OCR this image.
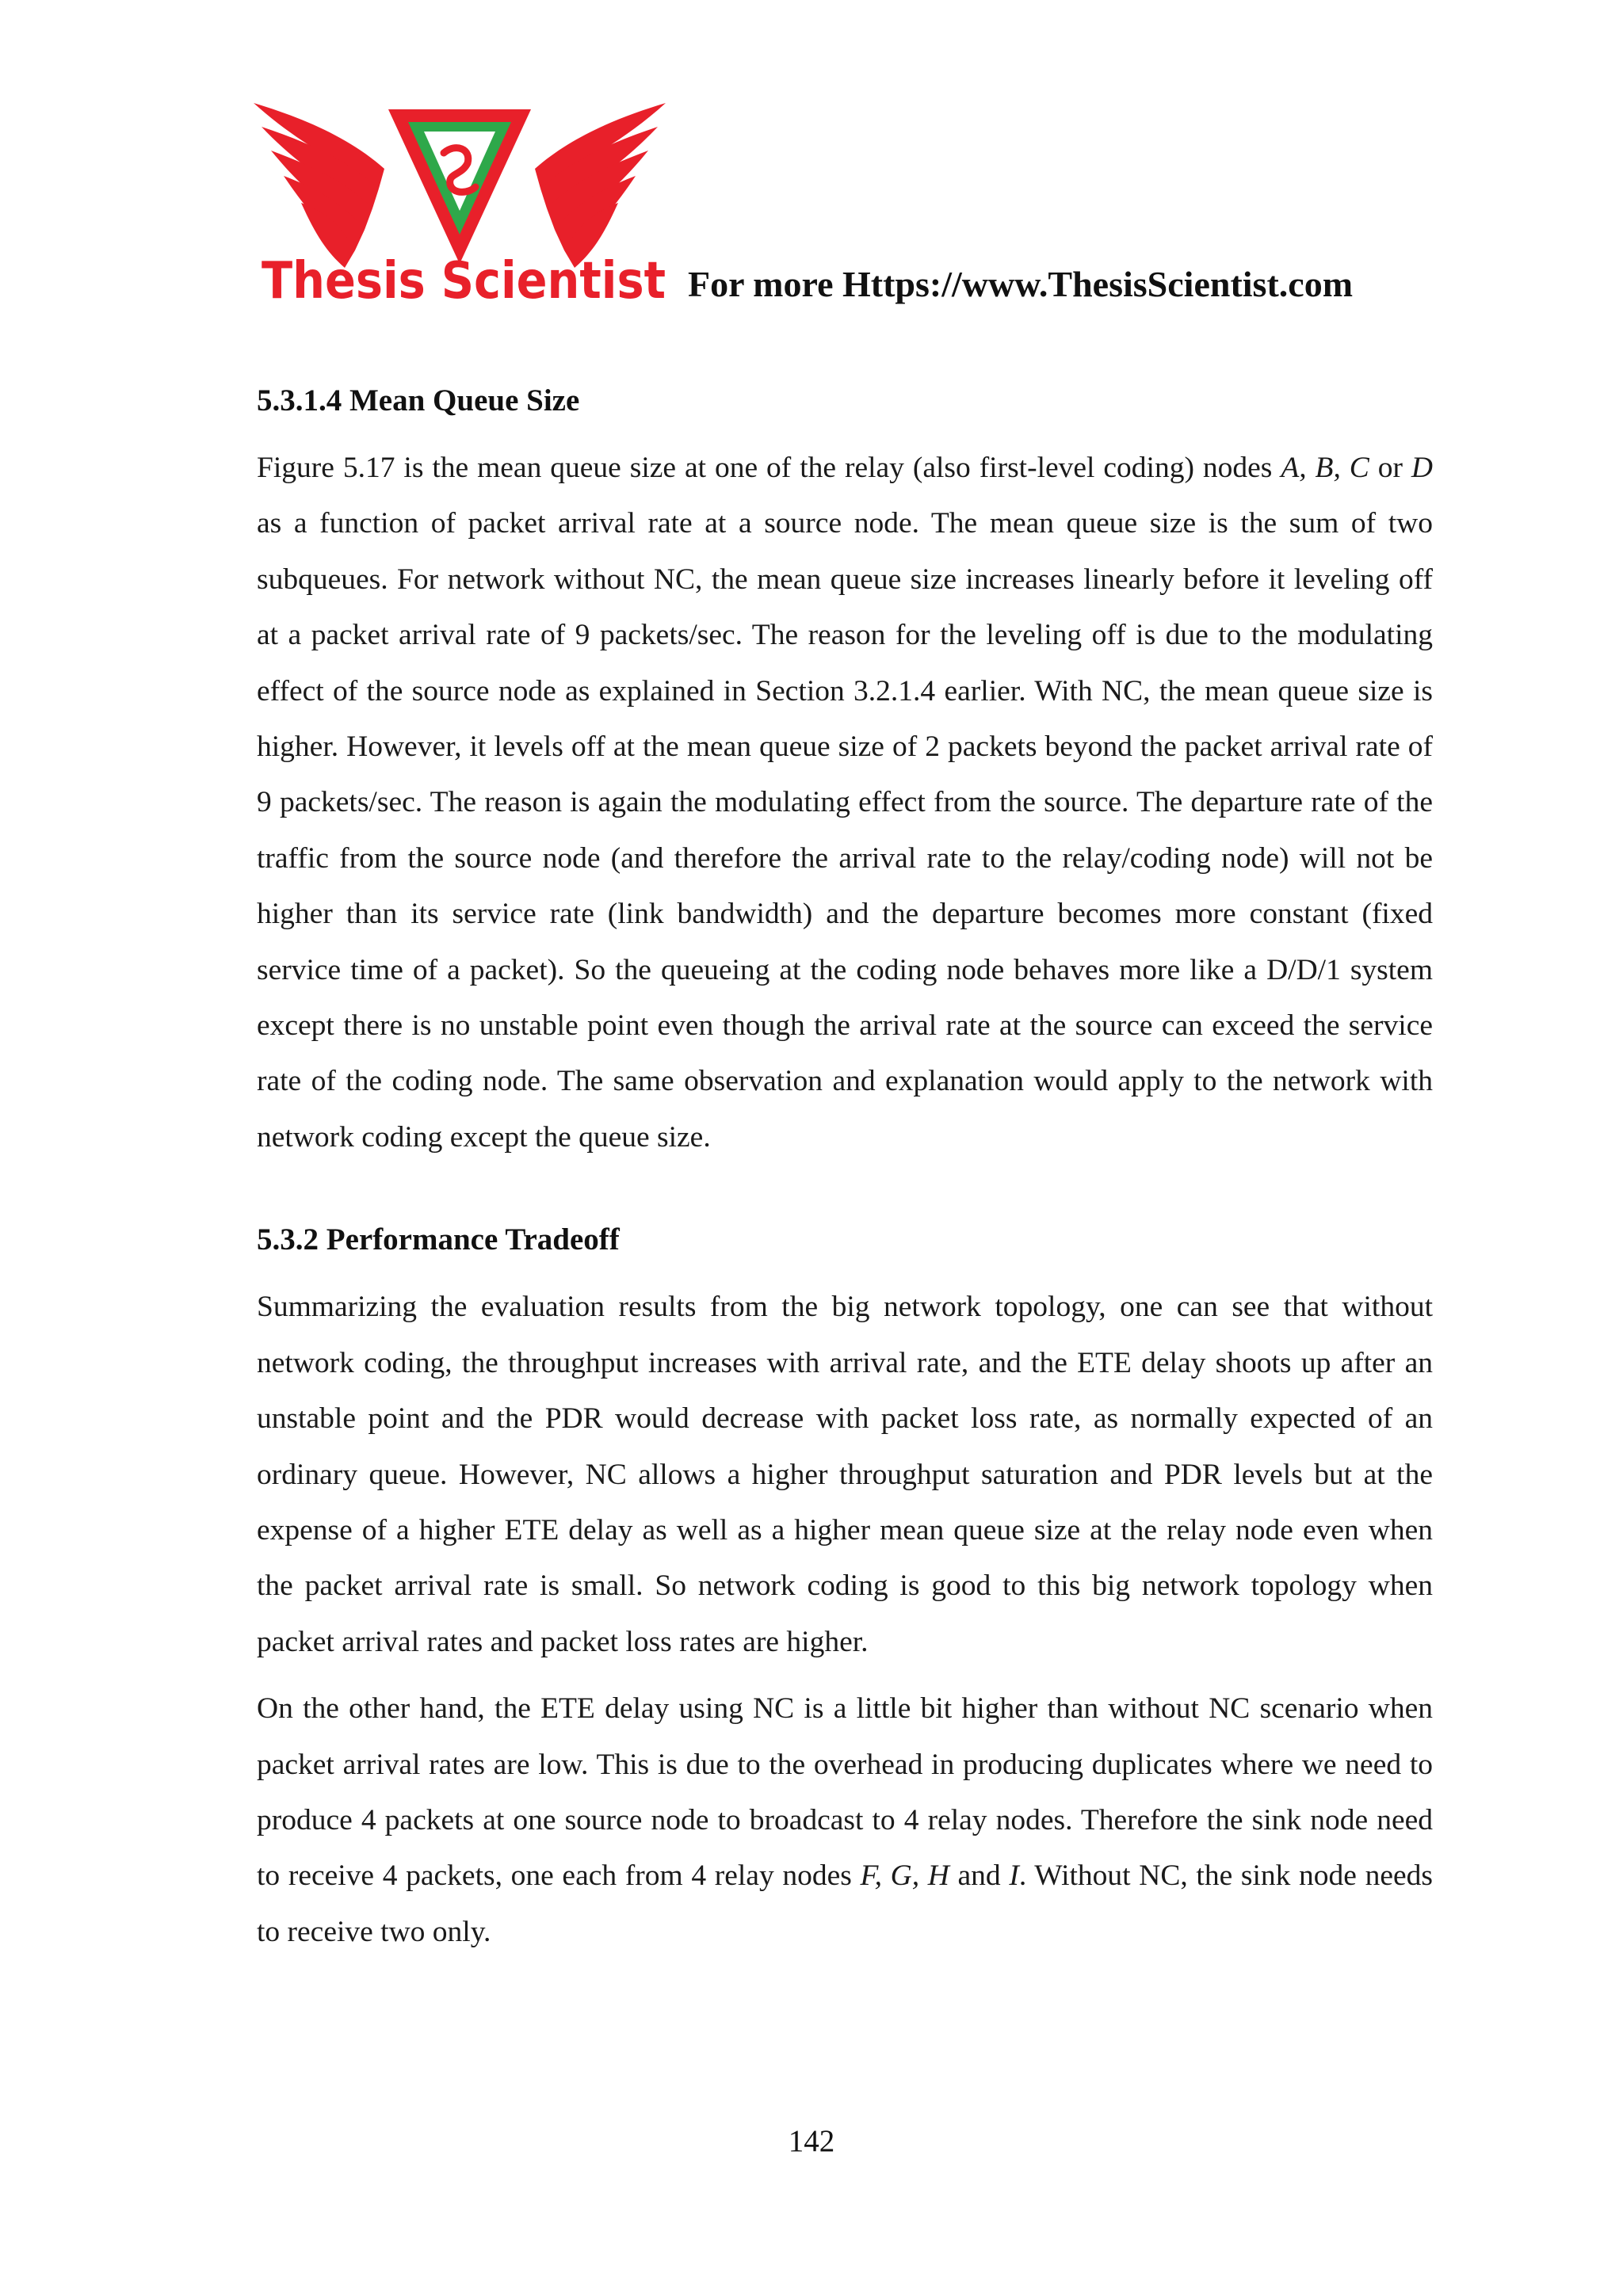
Thesis Scientist For more Https://www.ThesisScientist.com
5.3.1.4 Mean Queue Size

Figure 5.17 is the mean queue size at one of the relay (also first-level coding) nodes A, B, C or D as a function of packet arrival rate at a source node. The mean queue size is the sum of two subqueues. For network without NC, the mean queue size increases linearly before it leveling off at a packet arrival rate of 9 packets/sec. The reason for the leveling off is due to the modulating effect of the source node as explained in Section 3.2.1.4 earlier. With NC, the mean queue size is higher. However, it levels off at the mean queue size of 2 packets beyond the packet arrival rate of 9 packets/sec. The reason is again the modulating effect from the source. The departure rate of the traffic from the source node (and therefore the arrival rate to the relay/coding node) will not be higher than its service rate (link bandwidth) and the departure becomes more constant (fixed service time of a packet). So the queueing at the coding node behaves more like a D/D/1 system except there is no unstable point even though the arrival rate at the source can exceed the service rate of the coding node. The same observation and explanation would apply to the network with network coding except the queue size.

5.3.2 Performance Tradeoff

Summarizing the evaluation results from the big network topology, one can see that without network coding, the throughput increases with arrival rate, and the ETE delay shoots up after an unstable point and the PDR would decrease with packet loss rate, as normally expected of an ordinary queue. However, NC allows a higher throughput saturation and PDR levels but at the expense of a higher ETE delay as well as a higher mean queue size at the relay node even when the packet arrival rate is small. So network coding is good to this big network topology when packet arrival rates and packet loss rates are higher.

On the other hand, the ETE delay using NC is a little bit higher than without NC scenario when packet arrival rates are low. This is due to the overhead in producing duplicates where we need to produce 4 packets at one source node to broadcast to 4 relay nodes. Therefore the sink node need to receive 4 packets, one each from 4 relay nodes F, G, H and I. Without NC, the sink node needs to receive two only.

142
